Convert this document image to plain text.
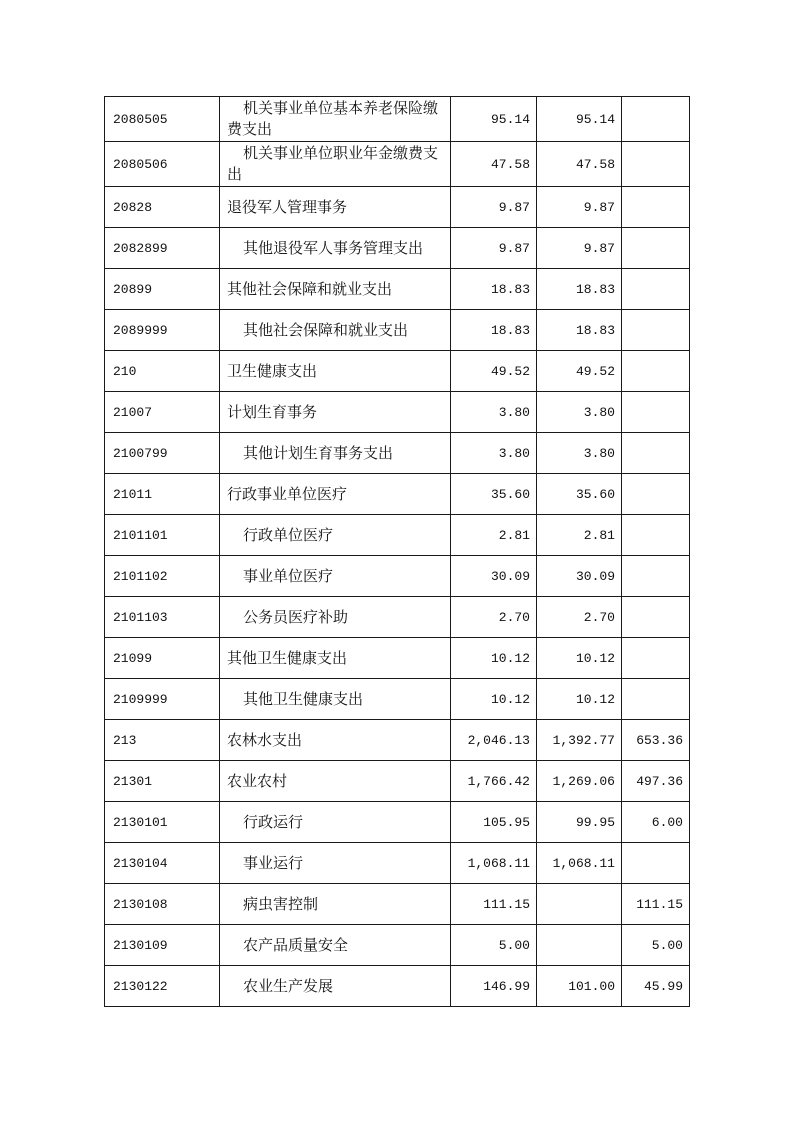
2080505	机关事业单位基本养老保险缴费支出	95.14	95.14	
2080506	机关事业单位职业年金缴费支出	47.58	47.58	
20828	退役军人管理事务	9.87	9.87	
2082899	其他退役军人事务管理支出	9.87	9.87	
20899	其他社会保障和就业支出	18.83	18.83	
2089999	其他社会保障和就业支出	18.83	18.83	
210	卫生健康支出	49.52	49.52	
21007	计划生育事务	3.80	3.80	
2100799	其他计划生育事务支出	3.80	3.80	
21011	行政事业单位医疗	35.60	35.60	
2101101	行政单位医疗	2.81	2.81	
2101102	事业单位医疗	30.09	30.09	
2101103	公务员医疗补助	2.70	2.70	
21099	其他卫生健康支出	10.12	10.12	
2109999	其他卫生健康支出	10.12	10.12	
213	农林水支出	2,046.13	1,392.77	653.36
21301	农业农村	1,766.42	1,269.06	497.36
2130101	行政运行	105.95	99.95	6.00
2130104	事业运行	1,068.11	1,068.11	
2130108	病虫害控制	111.15		111.15
2130109	农产品质量安全	5.00		5.00
2130122	农业生产发展	146.99	101.00	45.99
